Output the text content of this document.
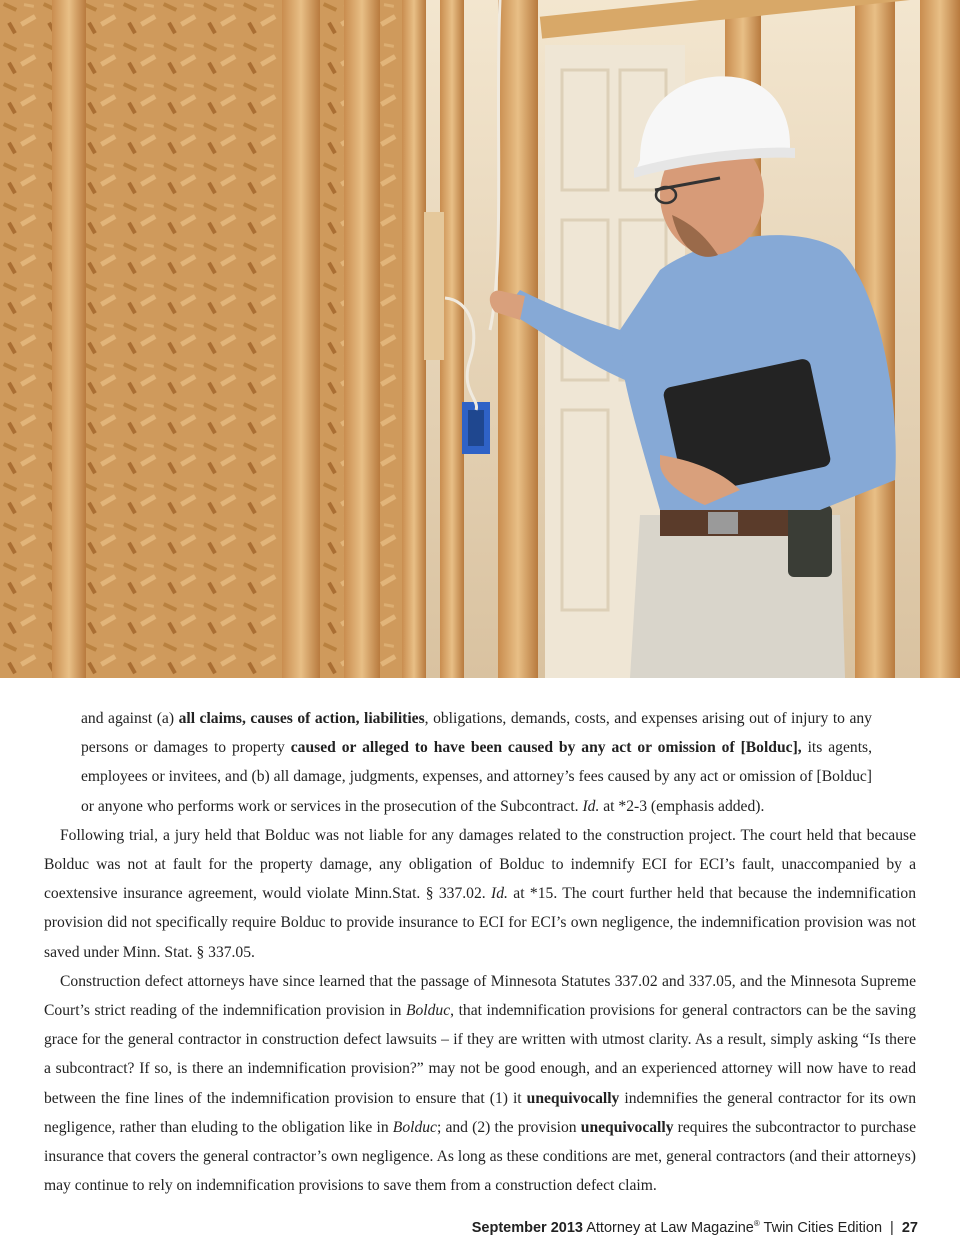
and against (a) all claims, causes of action, liabilities, obligations, demands, costs, and expenses arising out of injury to any persons or damages to property caused or alleged to have been caused by any act or omission of [Bolduc], its agents, employees or invitees, and (b) all damage, judgments, expenses, and attorney’s fees caused by any act or omission of [Bolduc] or anyone who performs work or services in the prosecution of the Subcontract. Id. at *2-3 (emphasis added).

Following trial, a jury held that Bolduc was not liable for any damages related to the construction project. The court held that because Bolduc was not at fault for the property damage, any obligation of Bolduc to indemnify ECI for ECI’s fault, unaccompanied by a coextensive insurance agreement, would violate Minn.Stat. § 337.02. Id. at *15. The court further held that because the indemnification provision did not specifically require Bolduc to provide insurance to ECI for ECI’s own negligence, the indemnification provision was not saved under Minn. Stat. § 337.05.

Construction defect attorneys have since learned that the passage of Minnesota Statutes 337.02 and 337.05, and the Minnesota Supreme Court’s strict reading of the indemnification provision in Bolduc, that indemnification provisions for general contractors can be the saving grace for the general contractor in construction defect lawsuits – if they are written with utmost clarity. As a result, simply asking “Is there a subcontract? If so, is there an indemnification provision?” may not be good enough, and an experienced attorney will now have to read between the fine lines of the indemnification provision to ensure that (1) it unequivocally indemnifies the general contractor for its own negligence, rather than eluding to the obligation like in Bolduc; and (2) the provision unequivocally requires the subcontractor to purchase insurance that covers the general contractor’s own negligence. As long as these conditions are met, general contractors (and their attorneys) may continue to rely on indemnification provisions to save them from a construction defect claim.

September 2013 Attorney at Law Magazine® Twin Cities Edition | 27
